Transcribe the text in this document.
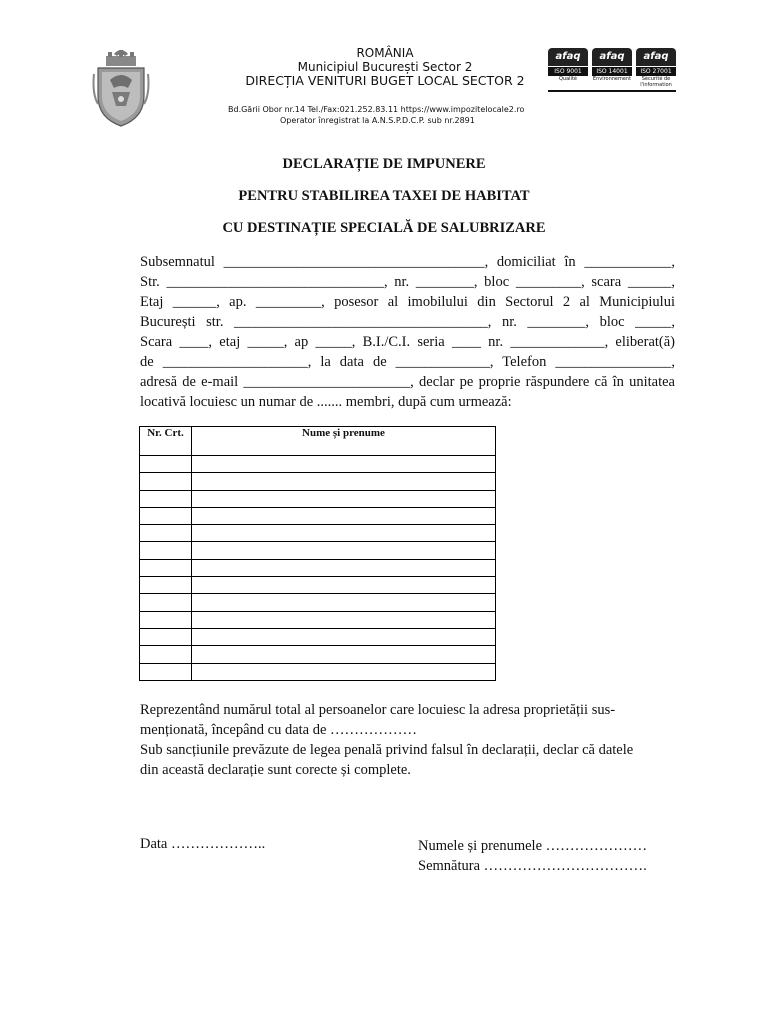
ROMÂNIA
Municipiul București Sector 2
DIRECȚIA VENITURI BUGET LOCAL SECTOR 2
Bd.Gării Obor nr.14 Tel./Fax:021.252.83.11 https://www.impozitelocale2.ro
Operator înregistrat la A.N.S.P.D.C.P. sub nr.2891
afaq
ISO 9001
Qualité
afaq
ISO 14001
Environnement
afaq
ISO 27001
Sécurité de l'information
DECLARAȚIE DE IMPUNERE
PENTRU STABILIREA TAXEI DE HABITAT
CU DESTINAȚIE SPECIALĂ DE SALUBRIZARE
Subsemnatul ____________________________________, domiciliat în ____________,
Str. ______________________________, nr. ________, bloc _________, scara ______,
Etaj ______, ap. _________, posesor al imobilului din Sectorul 2 al Municipiului
București str. ___________________________________, nr. ________, bloc _____,
Scara ____, etaj _____, ap _____, B.I./C.I. seria ____ nr. _____________, eliberat(ă)
de ____________________, la data de _____________, Telefon ________________,
adresă de e-mail _______________________, declar pe proprie răspundere că în unitatea
locativă locuiesc un numar de ....... membri, după cum urmează:
Nr. Crt.	Nume și prenume

Reprezentând numărul total al persoanelor care locuiesc la adresa proprietății sus-
menționată, începând cu data de ………………
Sub sancțiunile prevăzute de legea penală privind falsul în declarații, declar că datele
din această declarație sunt corecte și complete.
Data ………………..	Numele și prenumele …………………
Semnătura …………………………….
